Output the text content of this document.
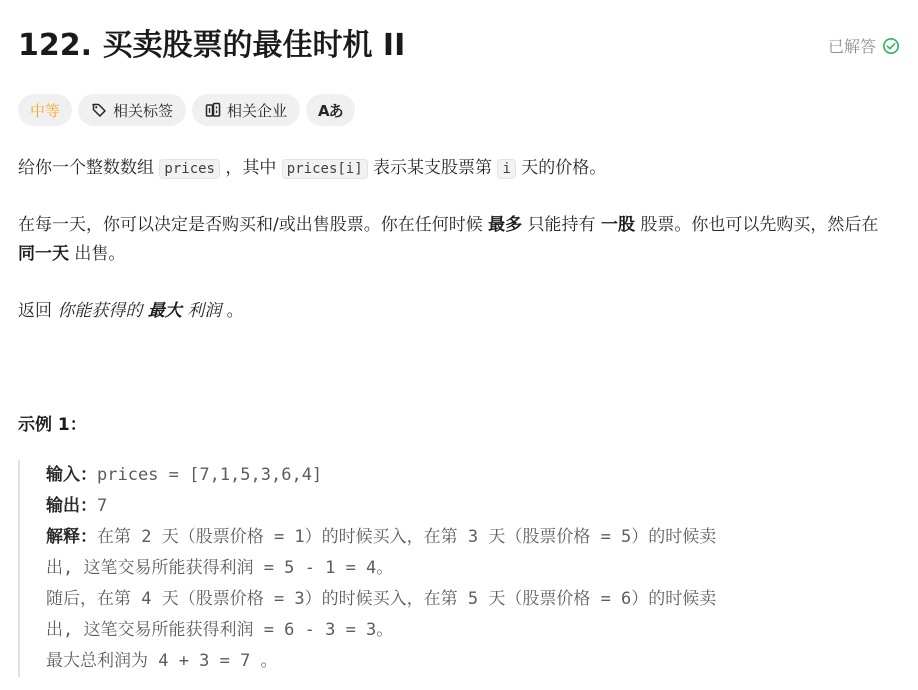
122. 买卖股票的最佳时机 II	已解答
中等	相关标签	相关企业 Aあ

给你一个整数数组 prices ，其中 prices[i] 表示某支股票第 i 天的价格。

在每一天，你可以决定是否购买和/或出售股票。你在任何时候 最多 只能持有 一股 股票。你也可以先购买，然后在 同一天 出售。

返回 你能获得的 最大 利润 。

示例 1：

输入：prices = [7,1,5,3,6,4]
输出：7
解释：在第 2 天（股票价格 = 1）的时候买入，在第 3 天（股票价格 = 5）的时候卖
出, 这笔交易所能获得利润 = 5 - 1 = 4。
随后，在第 4 天（股票价格 = 3）的时候买入，在第 5 天（股票价格 = 6）的时候卖
出, 这笔交易所能获得利润 = 6 - 3 = 3。
最大总利润为 4 + 3 = 7 。
